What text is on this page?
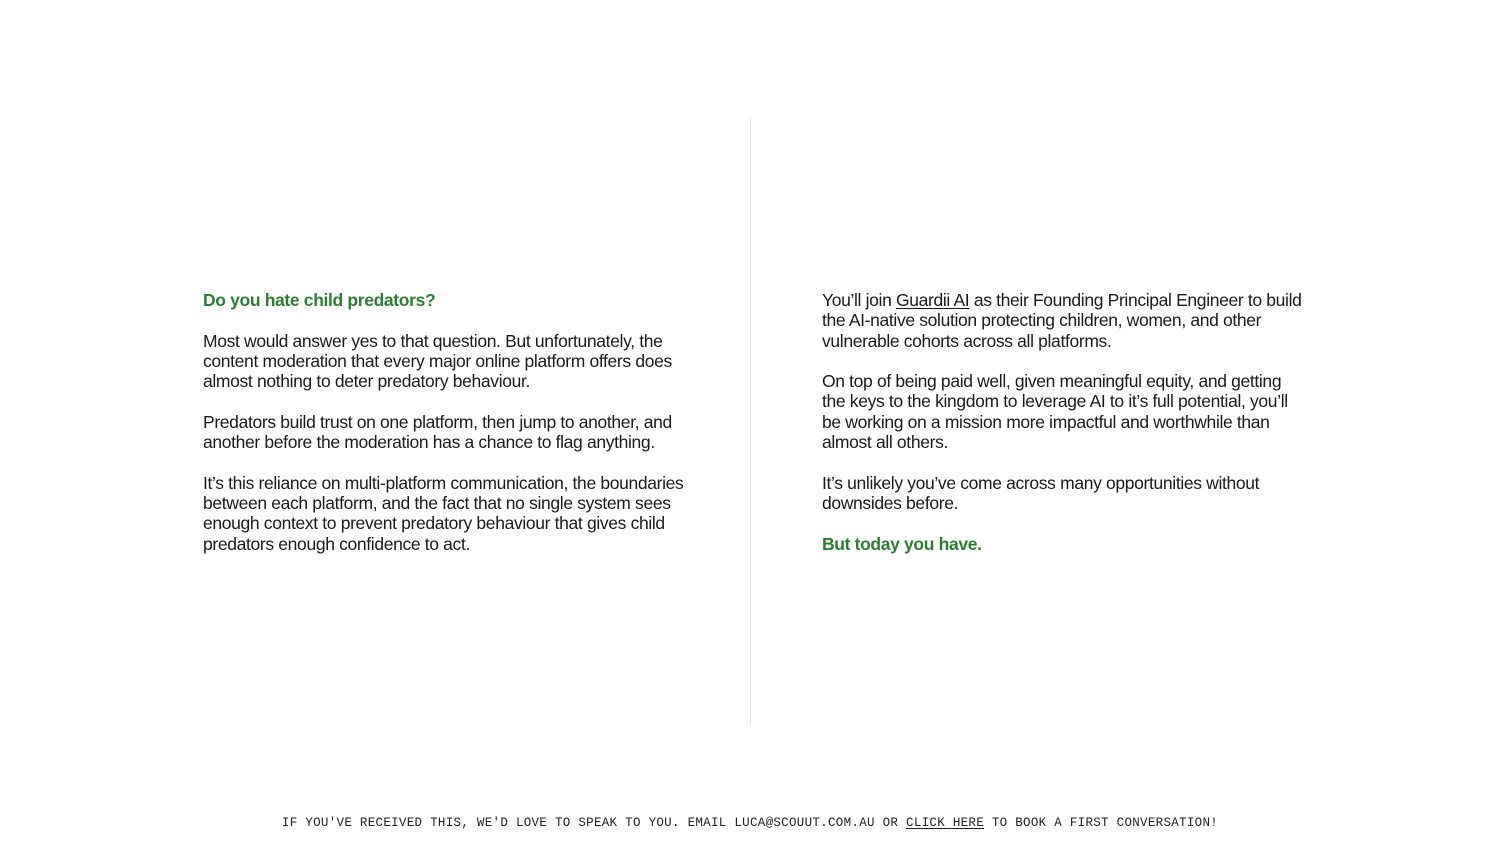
Do you hate child predators?

Most would answer yes to that question. But unfortunately, the content moderation that every major online platform offers does almost nothing to deter predatory behaviour.

Predators build trust on one platform, then jump to another, and another before the moderation has a chance to flag anything.

It’s this reliance on multi-platform communication, the boundaries between each platform, and the fact that no single system sees enough context to prevent predatory behaviour that gives child predators enough confidence to act.

You’ll join Guardii AI as their Founding Principal Engineer to build the AI-native solution protecting children, women, and other vulnerable cohorts across all platforms.

On top of being paid well, given meaningful equity, and getting the keys to the kingdom to leverage AI to it’s full potential, you’ll be working on a mission more impactful and worthwhile than almost all others.

It’s unlikely you’ve come across many opportunities without downsides before.

But today you have.

IF YOU'VE RECEIVED THIS, WE'D LOVE TO SPEAK TO YOU. EMAIL LUCA@SCOUUT.COM.AU OR CLICK HERE TO BOOK A FIRST CONVERSATION!
